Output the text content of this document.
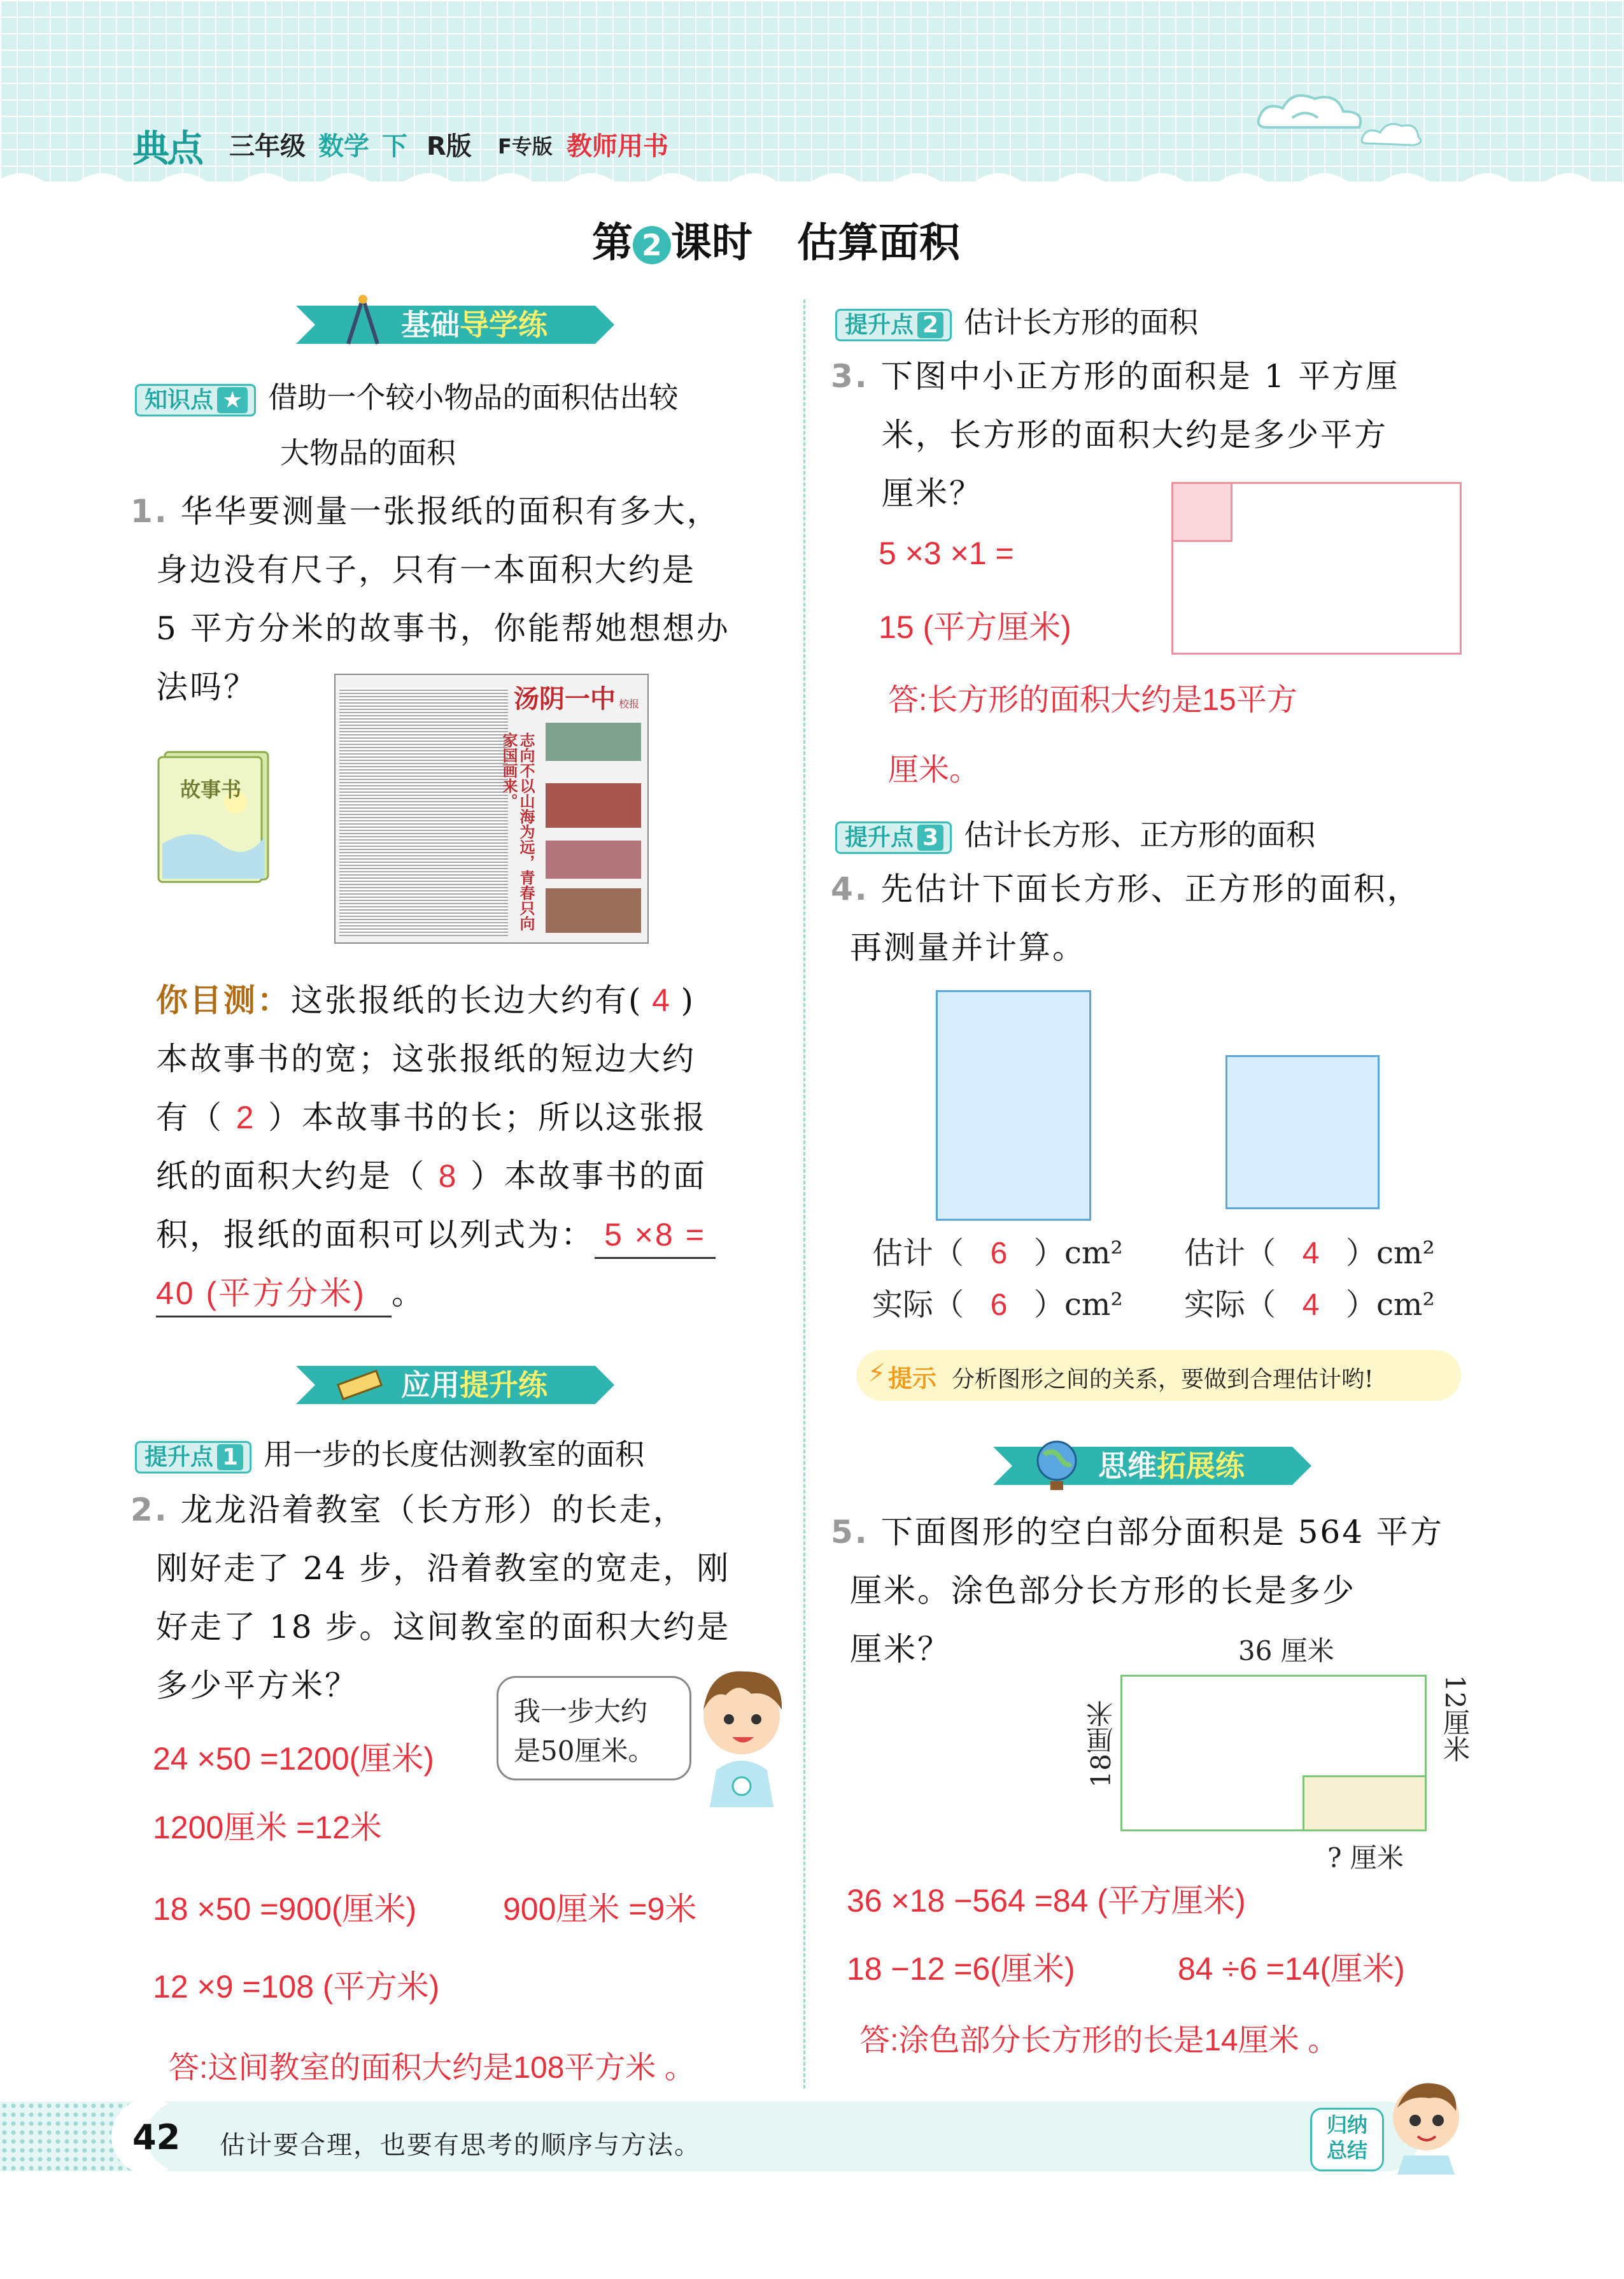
典点 三年级 数学 下 R版 F专版 教师用书
第 2 课时 估算面积
基础导学练
知识点 ★ 借助一个较小物品的面积估出较
大物品的面积
1. 华华要测量一张报纸的面积有多大，
身边没有尺子，只有一本面积大约是
5 平方分米的故事书，你能帮她想想办
法吗？
故事书
汤阴一中 校报
志向不以山海为远，青春只向家国画来。
你目测：这张报纸的长边大约有( 4 )
本故事书的宽；这张报纸的短边大约
有（ 2 ）本故事书的长；所以这张报
纸的面积大约是（ 8 ）本故事书的面
积，报纸的面积可以列式为： 5 ×8 =
40 (平方分米) 。
应用提升练
提升点 1 用一步的长度估测教室的面积
2. 龙龙沿着教室（长方形）的长走，
刚好走了 24 步，沿着教室的宽走，刚
好走了 18 步。这间教室的面积大约是
多少平方米？
我一步大约
是50厘米。
24 ×50 =1200(厘米)
1200厘米 =12米
18 ×50 =900(厘米)	900厘米 =9米
12 ×9 =108 (平方米)
答:这间教室的面积大约是108平方米 。
提升点 2 估计长方形的面积
3. 下图中小正方形的面积是 1 平方厘
米，长方形的面积大约是多少平方
厘米？
5 ×3 ×1 =
15 (平方厘米)
答:长方形的面积大约是15平方
厘米。
提升点 3 估计长方形、正方形的面积
4. 先估计下面长方形、正方形的面积，
再测量并计算。
估计（ 6 ）cm²
实际（ 6 ）cm²
估计（ 4 ）cm²
实际（ 4 ）cm²
⚡ 提示 分析图形之间的关系，要做到合理估计哟!
思维拓展练
5. 下面图形的空白部分面积是 564 平方
厘米。涂色部分长方形的长是多少
厘米？	36 厘米
18厘米	12厘米
? 厘米
36 ×18 −564 =84 (平方厘米)
18 −12 =6(厘米)	84 ÷6 =14(厘米)
答:涂色部分长方形的长是14厘米 。
42 估计要合理，也要有思考的顺序与方法。
归纳
总结
